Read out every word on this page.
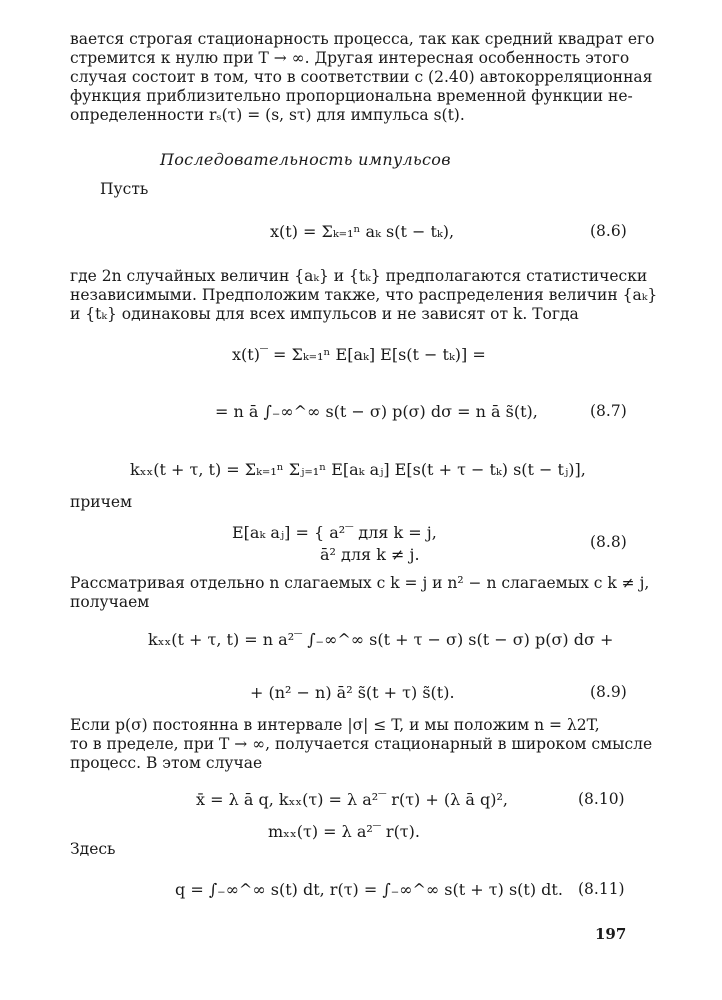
вается строгая стационарность процесса, так как средний квадрат его
стремится к нулю при T → ∞. Другая интересная особенность этого
случая состоит в том, что в соответствии с (2.40) автокорреляционная
функция приблизительно пропорциональна временной функции не-
определенности rₛ(τ) = (s, sτ) для импульса s(t).
Последовательность импульсов
Пусть
x(t) = Σₖ₌₁ⁿ aₖ s(t − tₖ),	(8.6)
где 2n случайных величин {aₖ} и {tₖ} предполагаются статистически
независимыми. Предположим также, что распределения величин {aₖ}
и {tₖ} одинаковы для всех импульсов и не зависят от k. Тогда
x(t)‾ = Σₖ₌₁ⁿ E[aₖ] E[s(t − tₖ)] =
= n ā ∫₋∞^∞ s(t − σ) p(σ) dσ = n ā s̃(t),	(8.7)
kₓₓ(t + τ, t) = Σₖ₌₁ⁿ Σⱼ₌₁ⁿ E[aₖ aⱼ] E[s(t + τ − tₖ) s(t − tⱼ)],
причем
E[aₖ aⱼ] = { a²‾ для k = j,
ā² для k ≠ j.
(8.8)
Рассматривая отдельно n слагаемых с k = j и n² − n слагаемых с k ≠ j,
получаем
kₓₓ(t + τ, t) = n a²‾ ∫₋∞^∞ s(t + τ − σ) s(t − σ) p(σ) dσ +
+ (n² − n) ā² s̃(t + τ) s̃(t).	(8.9)
Если p(σ) постоянна в интервале |σ| ≤ T, и мы положим n = λ2T,
то в пределе, при T → ∞, получается стационарный в широком смысле
процесс. В этом случае
x̄ = λ ā q, kₓₓ(τ) = λ a²‾ r(τ) + (λ ā q)²,	(8.10)
mₓₓ(τ) = λ a²‾ r(τ).
Здесь
q = ∫₋∞^∞ s(t) dt, r(τ) = ∫₋∞^∞ s(t + τ) s(t) dt. (8.11)
197
